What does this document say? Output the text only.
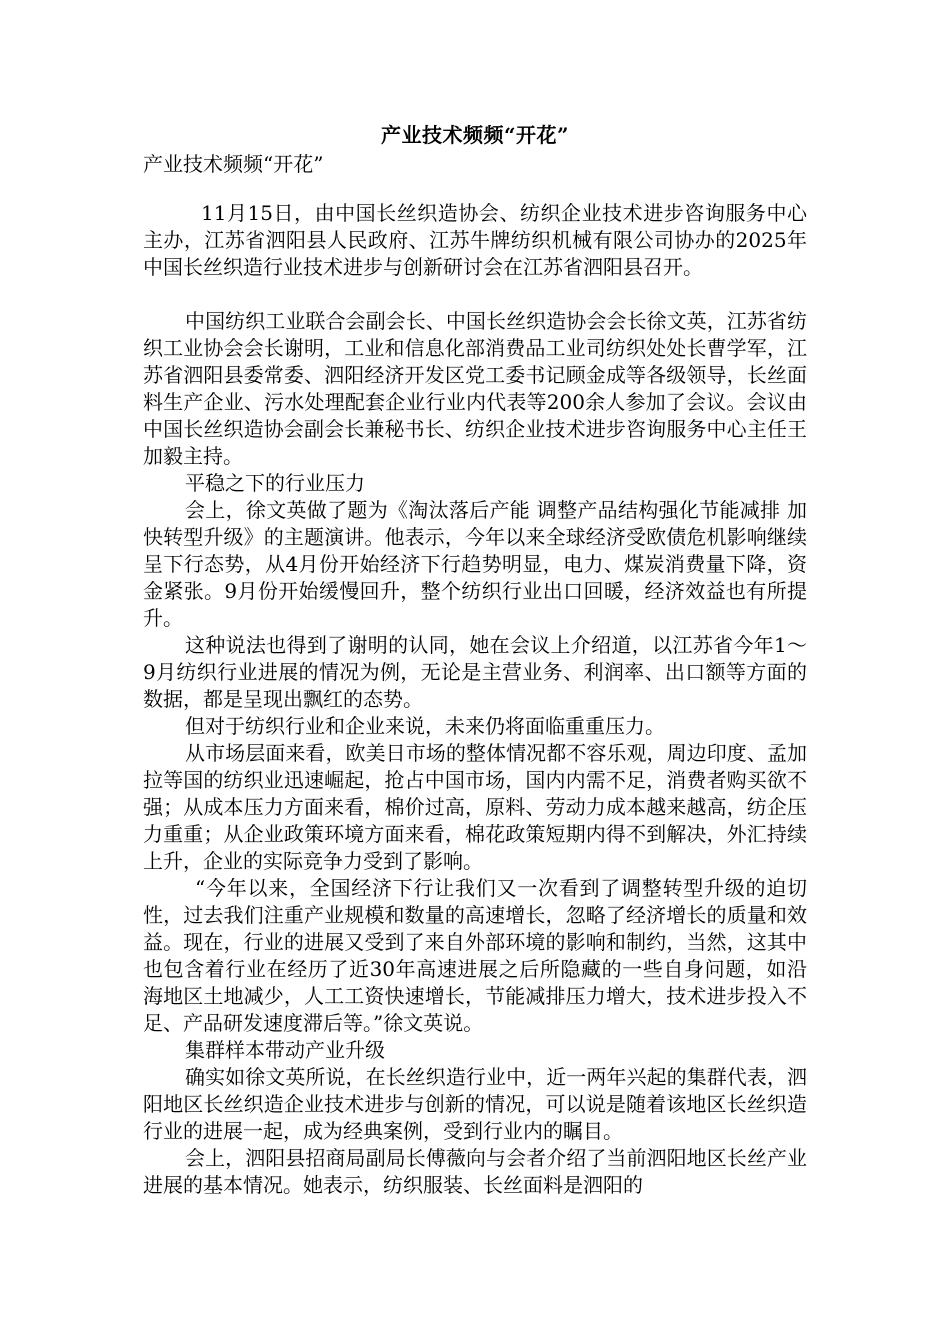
产业技术频频“开花”
产业技术频频“开花”

11月15日，由中国长丝织造协会、纺织企业技术进步咨询服务中心主办，江苏省泗阳县人民政府、江苏牛牌纺织机械有限公司协办的2025年中国长丝织造行业技术进步与创新研讨会在江苏省泗阳县召开。

中国纺织工业联合会副会长、中国长丝织造协会会长徐文英，江苏省纺织工业协会会长谢明，工业和信息化部消费品工业司纺织处处长曹学军，江苏省泗阳县委常委、泗阳经济开发区党工委书记顾金成等各级领导，长丝面料生产企业、污水处理配套企业行业内代表等200余人参加了会议。会议由中国长丝织造协会副会长兼秘书长、纺织企业技术进步咨询服务中心主任王加毅主持。

平稳之下的行业压力

会上，徐文英做了题为《淘汰落后产能 调整产品结构强化节能减排 加快转型升级》的主题演讲。他表示，今年以来全球经济受欧债危机影响继续呈下行态势，从4月份开始经济下行趋势明显，电力、煤炭消费量下降，资金紧张。9月份开始缓慢回升，整个纺织行业出口回暖，经济效益也有所提升。

这种说法也得到了谢明的认同，她在会议上介绍道，以江苏省今年1～9月纺织行业进展的情况为例，无论是主营业务、利润率、出口额等方面的数据，都是呈现出飘红的态势。

但对于纺织行业和企业来说，未来仍将面临重重压力。

从市场层面来看，欧美日市场的整体情况都不容乐观，周边印度、孟加拉等国的纺织业迅速崛起，抢占中国市场，国内内需不足，消费者购买欲不强；从成本压力方面来看，棉价过高，原料、劳动力成本越来越高，纺企压力重重；从企业政策环境方面来看，棉花政策短期内得不到解决，外汇持续上升，企业的实际竞争力受到了影响。

“今年以来，全国经济下行让我们又一次看到了调整转型升级的迫切性，过去我们注重产业规模和数量的高速增长，忽略了经济增长的质量和效益。现在，行业的进展又受到了来自外部环境的影响和制约，当然，这其中也包含着行业在经历了近30年高速进展之后所隐藏的一些自身问题，如沿海地区土地减少，人工工资快速增长，节能减排压力增大，技术进步投入不足、产品研发速度滞后等。”徐文英说。

集群样本带动产业升级

确实如徐文英所说，在长丝织造行业中，近一两年兴起的集群代表，泗阳地区长丝织造企业技术进步与创新的情况，可以说是随着该地区长丝织造行业的进展一起，成为经典案例，受到行业内的瞩目。

会上，泗阳县招商局副局长傅薇向与会者介绍了当前泗阳地区长丝产业进展的基本情况。她表示，纺织服装、长丝面料是泗阳的
